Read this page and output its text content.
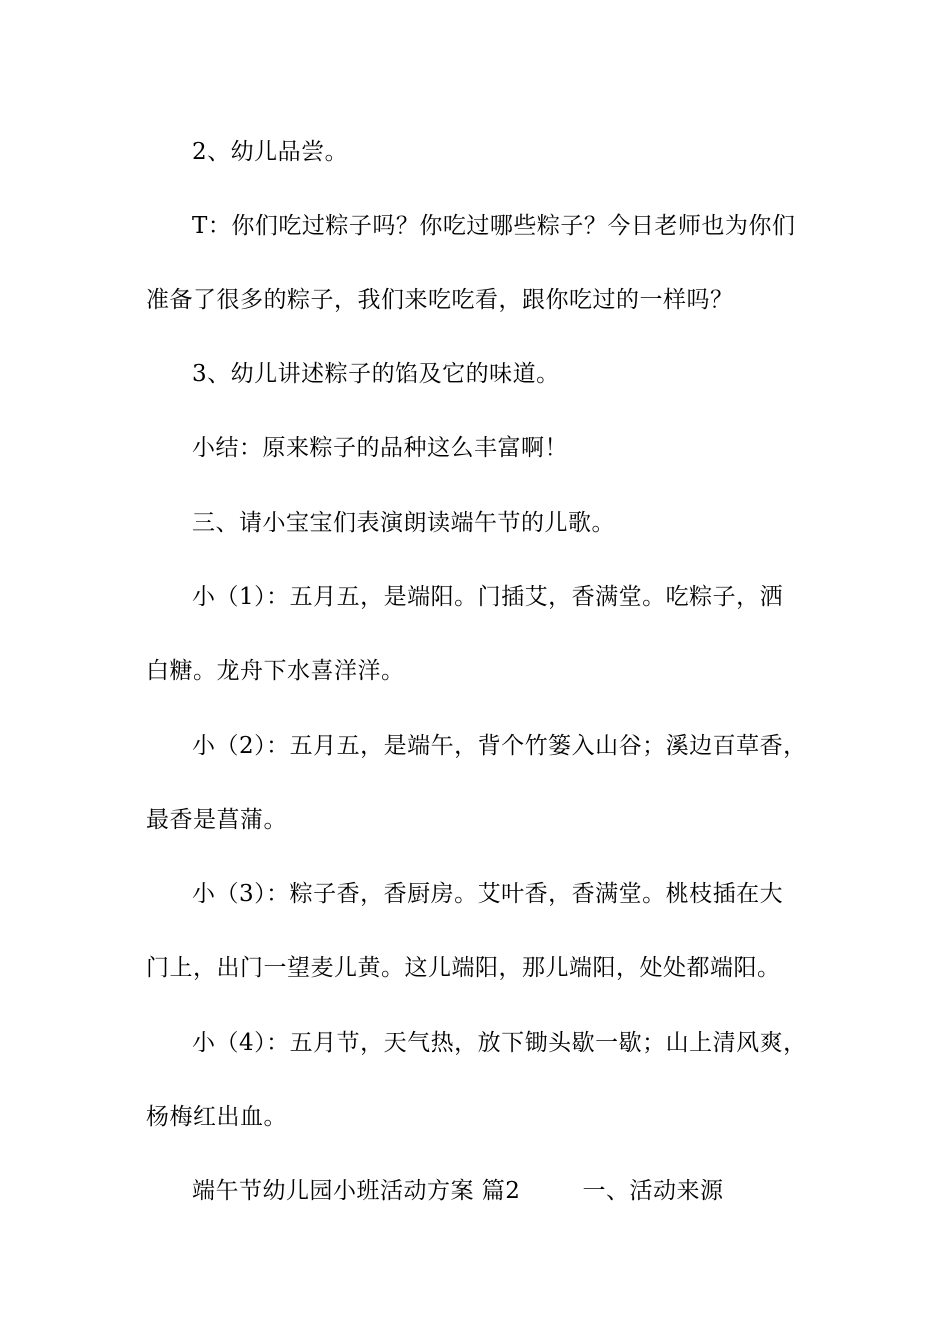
2、幼儿品尝。
T：你们吃过粽子吗？你吃过哪些粽子？今日老师也为你们
准备了很多的粽子，我们来吃吃看，跟你吃过的一样吗？
3、幼儿讲述粽子的馅及它的味道。
小结：原来粽子的品种这么丰富啊！
三、请小宝宝们表演朗读端午节的儿歌。
小（1）：五月五，是端阳。门插艾，香满堂。吃粽子，洒
白糖。龙舟下水喜洋洋。
小（2）：五月五，是端午，背个竹篓入山谷；溪边百草香，
最香是菖蒲。
小（3）：粽子香，香厨房。艾叶香，香满堂。桃枝插在大
门上，出门一望麦儿黄。这儿端阳，那儿端阳，处处都端阳。
小（4）：五月节，天气热，放下锄头歇一歇；山上清风爽，
杨梅红出血。
端午节幼儿园小班活动方案 篇2	一、活动来源
